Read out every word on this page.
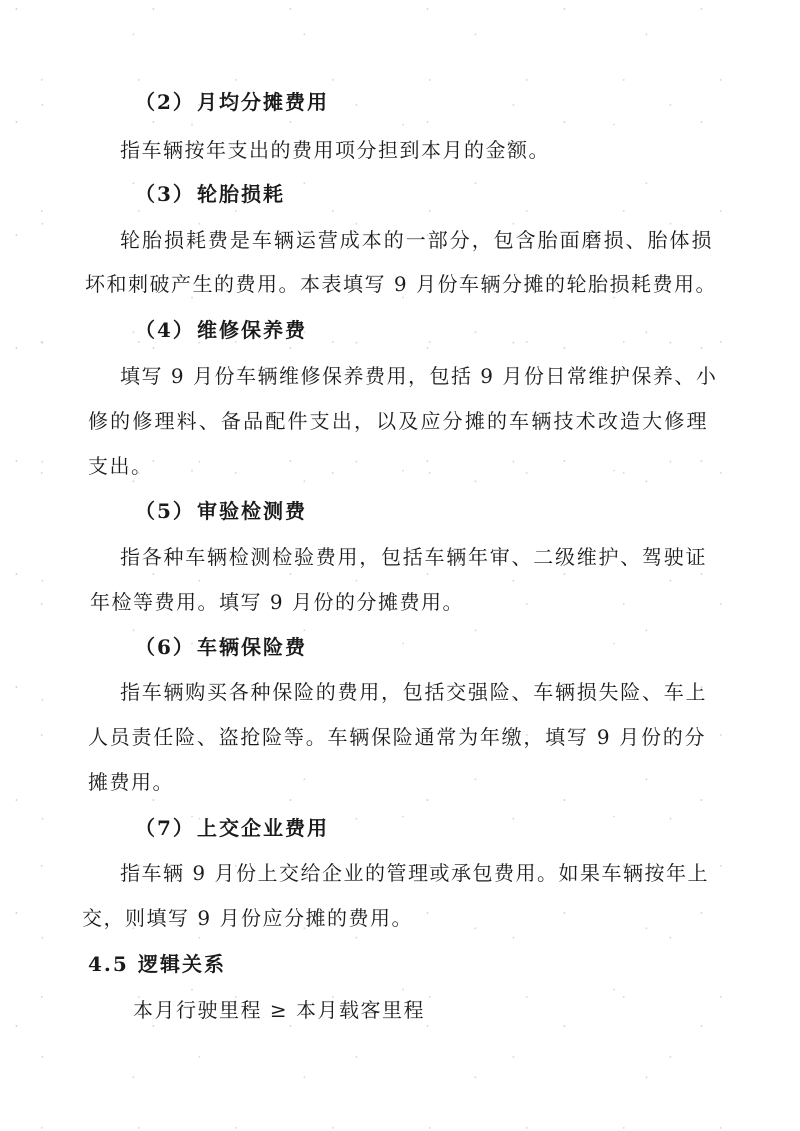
（2） 月均分摊费用
指车辆按年支出的费用项分担到本月的金额。
（3） 轮胎损耗
轮胎损耗费是车辆运营成本的一部分，包含胎面磨损、胎体损
坏和刺破产生的费用。本表填写 9 月份车辆分摊的轮胎损耗费用。
（4） 维修保养费
填写 9 月份车辆维修保养费用，包括 9 月份日常维护保养、小
修的修理料、备品配件支出，以及应分摊的车辆技术改造大修理
支出。
（5） 审验检测费
指各种车辆检测检验费用，包括车辆年审、二级维护、驾驶证
年检等费用。填写 9 月份的分摊费用。
（6） 车辆保险费
指车辆购买各种保险的费用，包括交强险、车辆损失险、车上
人员责任险、盗抢险等。车辆保险通常为年缴，填写 9 月份的分
摊费用。
（7） 上交企业费用
指车辆 9 月份上交给企业的管理或承包费用。如果车辆按年上
交，则填写 9 月份应分摊的费用。
4.5 逻辑关系
本月行驶里程 ≥ 本月载客里程
